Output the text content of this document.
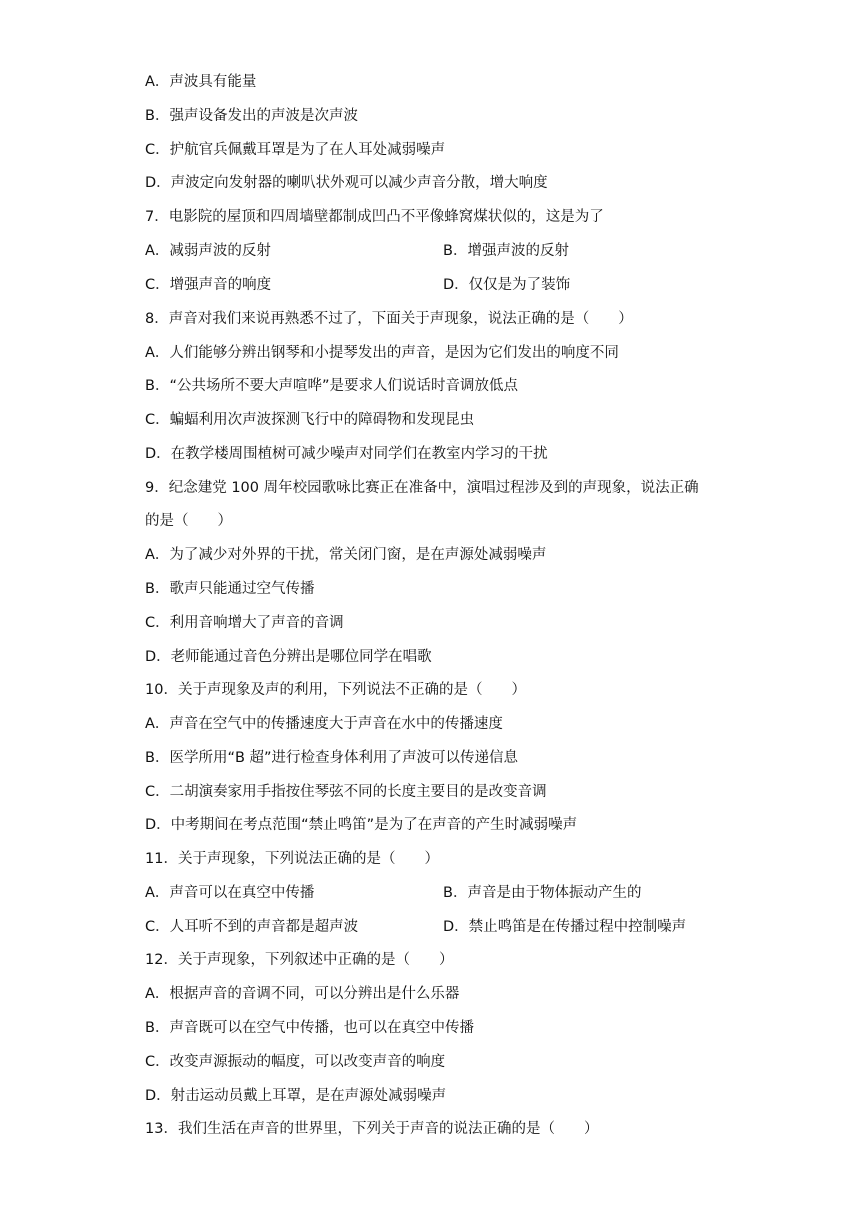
A．声波具有能量
B．强声设备发出的声波是次声波
C．护航官兵佩戴耳罩是为了在人耳处减弱噪声
D．声波定向发射器的喇叭状外观可以减少声音分散，增大响度
7．电影院的屋顶和四周墙壁都制成凹凸不平像蜂窝煤状似的，这是为了
A．减弱声波的反射	B．增强声波的反射
C．增强声音的响度	D．仅仅是为了装饰
8．声音对我们来说再熟悉不过了，下面关于声现象，说法正确的是（　　）
A．人们能够分辨出钢琴和小提琴发出的声音，是因为它们发出的响度不同
B．“公共场所不要大声喧哗”是要求人们说话时音调放低点
C．蝙蝠利用次声波探测飞行中的障碍物和发现昆虫
D．在教学楼周围植树可减少噪声对同学们在教室内学习的干扰
9．纪念建党 100 周年校园歌咏比赛正在准备中，演唱过程涉及到的声现象，说法正确
的是（　　）
A．为了减少对外界的干扰，常关闭门窗，是在声源处减弱噪声
B．歌声只能通过空气传播
C．利用音响增大了声音的音调
D．老师能通过音色分辨出是哪位同学在唱歌
10．关于声现象及声的利用，下列说法不正确的是（　　）
A．声音在空气中的传播速度大于声音在水中的传播速度
B．医学所用“B 超”进行检查身体利用了声波可以传递信息
C．二胡演奏家用手指按住琴弦不同的长度主要目的是改变音调
D．中考期间在考点范围“禁止鸣笛”是为了在声音的产生时减弱噪声
11．关于声现象，下列说法正确的是（　　）
A．声音可以在真空中传播	B．声音是由于物体振动产生的
C．人耳听不到的声音都是超声波	D．禁止鸣笛是在传播过程中控制噪声
12．关于声现象，下列叙述中正确的是（　　）
A．根据声音的音调不同，可以分辨出是什么乐器
B．声音既可以在空气中传播，也可以在真空中传播
C．改变声源振动的幅度，可以改变声音的响度
D．射击运动员戴上耳罩，是在声源处减弱噪声
13．我们生活在声音的世界里，下列关于声音的说法正确的是（　　）
